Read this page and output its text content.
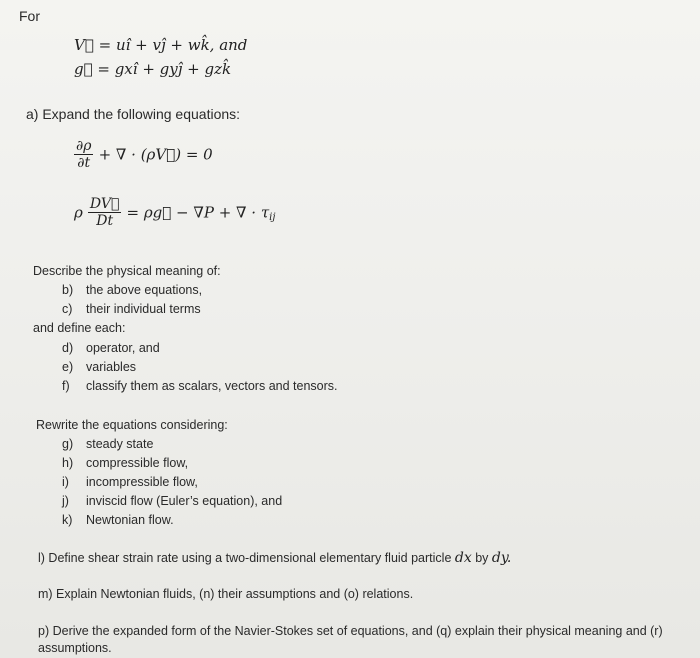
For
V⃗ = uî + vĵ + wk̂, and
g⃗ = gxî + gyĵ + gzk̂
a) Expand the following equations:
$\frac{\partial\rho}{\partial t}$ + ∇ · (ρV⃗) = 0
ρ $\frac{DV⃗}{Dt}$ = ρg⃗ − ∇P + ∇ · $\tau_{ij}$
Describe the physical meaning of:
b) the above equations,
c) their individual terms
and define each:
d) operator, and
e) variables
f) classify them as scalars, vectors and tensors.
Rewrite the equations considering:
g) steady state
h) compressible flow,
i) incompressible flow,
j) inviscid flow (Euler’s equation), and
k) Newtonian flow.
l) Define shear strain rate using a two-dimensional elementary fluid particle dx by dy.
m) Explain Newtonian fluids, (n) their assumptions and (o) relations.
p) Derive the expanded form of the Navier-Stokes set of equations, and (q) explain their physical meaning and (r)
assumptions.
